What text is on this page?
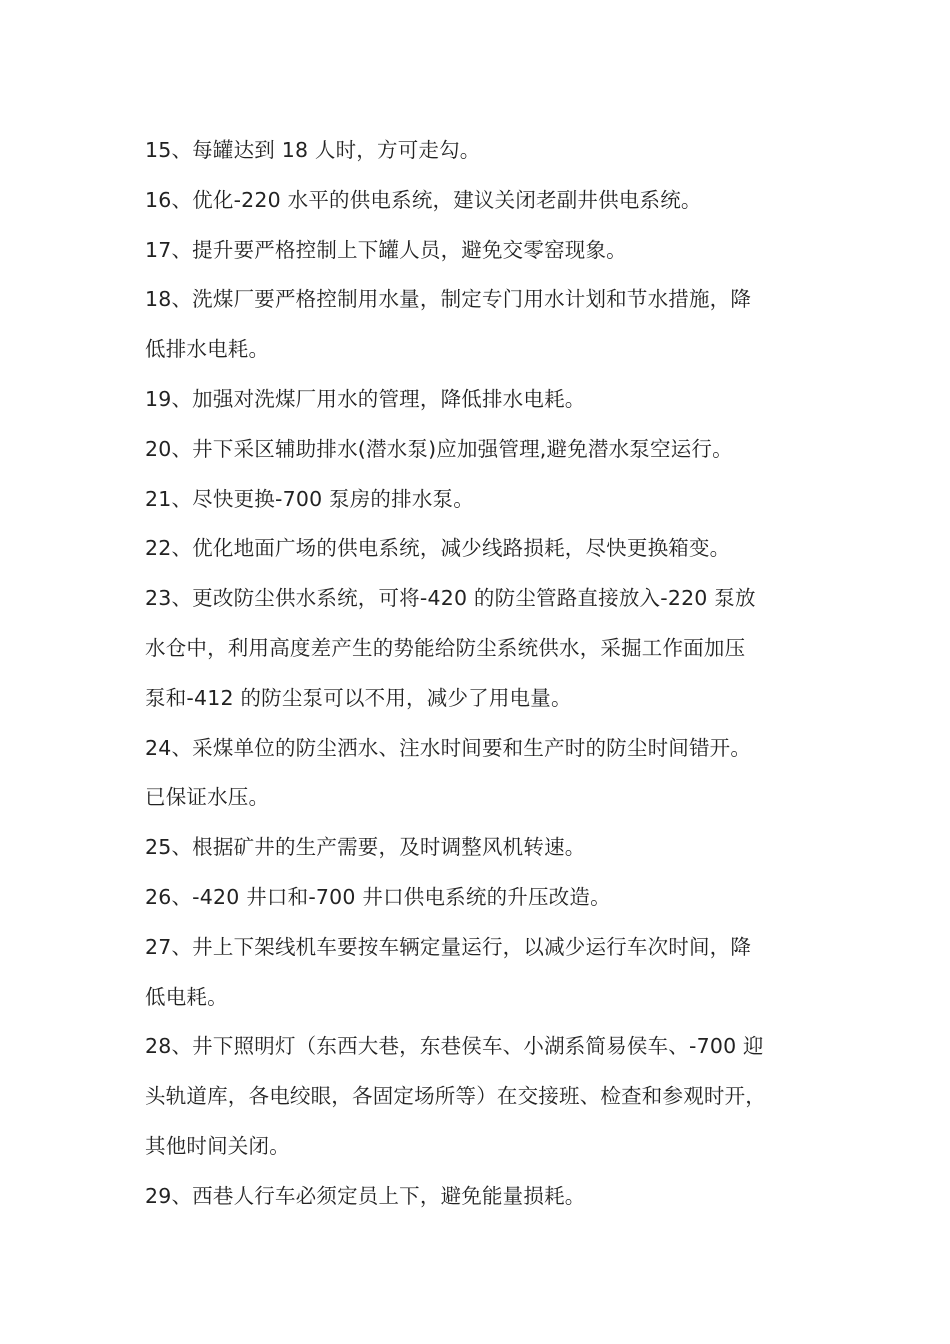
15、每罐达到 18 人时，方可走勾。
16、优化-220 水平的供电系统，建议关闭老副井供电系统。
17、提升要严格控制上下罐人员，避免交零窑现象。
18、洗煤厂要严格控制用水量，制定专门用水计划和节水措施，降
低排水电耗。
19、加强对洗煤厂用水的管理，降低排水电耗。
20、井下采区辅助排水(潜水泵)应加强管理,避免潜水泵空运行。
21、尽快更换-700 泵房的排水泵。
22、优化地面广场的供电系统，减少线路损耗，尽快更换箱变。
23、更改防尘供水系统，可将-420 的防尘管路直接放入-220 泵放
水仓中，利用高度差产生的势能给防尘系统供水，采掘工作面加压
泵和-412 的防尘泵可以不用，减少了用电量。
24、采煤单位的防尘洒水、注水时间要和生产时的防尘时间错开。
已保证水压。
25、根据矿井的生产需要，及时调整风机转速。
26、-420 井口和-700 井口供电系统的升压改造。
27、井上下架线机车要按车辆定量运行，以减少运行车次时间，降
低电耗。
28、井下照明灯（东西大巷，东巷侯车、小湖系简易侯车、-700 迎
头轨道库，各电绞眼，各固定场所等）在交接班、检查和参观时开，
其他时间关闭。
29、西巷人行车必须定员上下，避免能量损耗。
